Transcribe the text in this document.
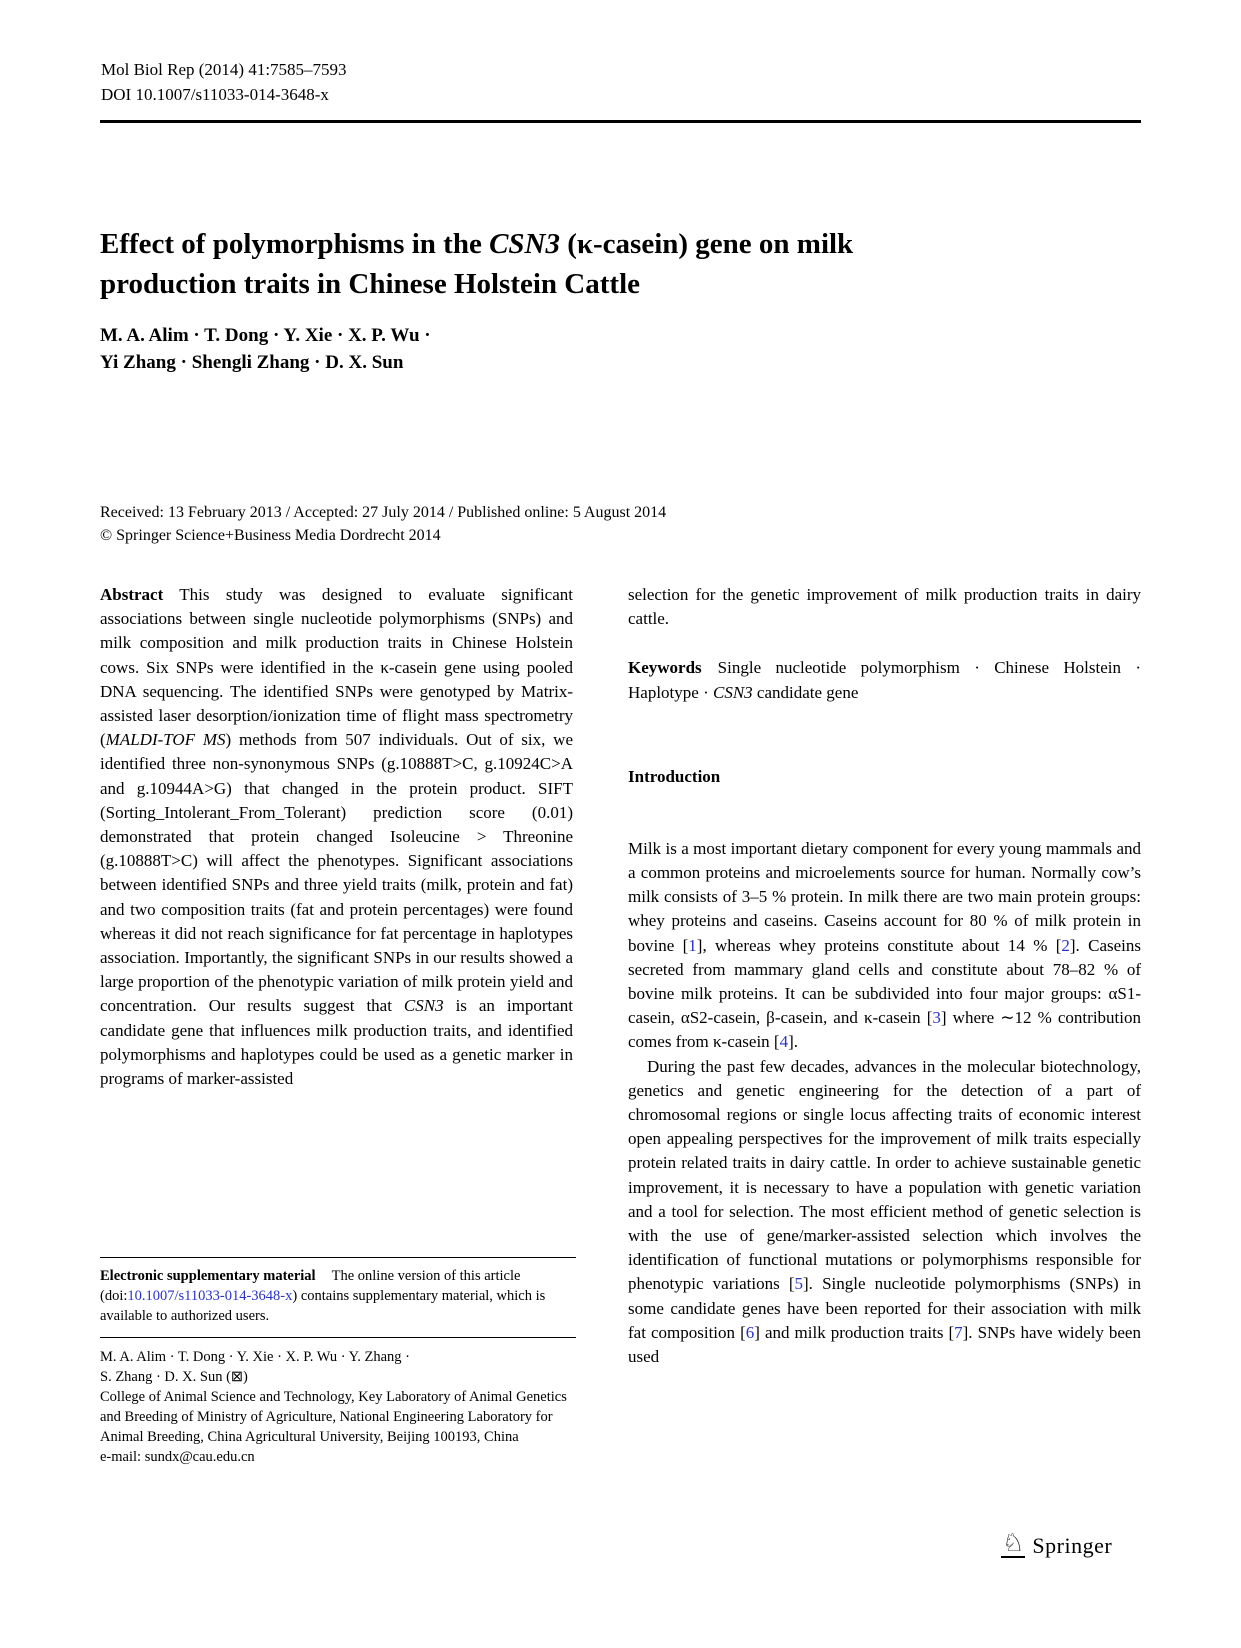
Mol Biol Rep (2014) 41:7585–7593
DOI 10.1007/s11033-014-3648-x
Effect of polymorphisms in the CSN3 (κ-casein) gene on milk
production traits in Chinese Holstein Cattle
M. A. Alim · T. Dong · Y. Xie · X. P. Wu ·
Yi Zhang · Shengli Zhang · D. X. Sun
Received: 13 February 2013 / Accepted: 27 July 2014 / Published online: 5 August 2014
© Springer Science+Business Media Dordrecht 2014

Abstract This study was designed to evaluate significant associations between single nucleotide polymorphisms (SNPs) and milk composition and milk production traits in Chinese Holstein cows. Six SNPs were identified in the κ-casein gene using pooled DNA sequencing. The identified SNPs were genotyped by Matrix-assisted laser desorption/ionization time of flight mass spectrometry (MALDI-TOF MS) methods from 507 individuals. Out of six, we identified three non-synonymous SNPs (g.10888T>C, g.10924C>A and g.10944A>G) that changed in the protein product. SIFT (Sorting_Intolerant_From_Tolerant) prediction score (0.01) demonstrated that protein changed Isoleucine > Threonine (g.10888T>C) will affect the phenotypes. Significant associations between identified SNPs and three yield traits (milk, protein and fat) and two composition traits (fat and protein percentages) were found whereas it did not reach significance for fat percentage in haplotypes association. Importantly, the significant SNPs in our results showed a large proportion of the phenotypic variation of milk protein yield and concentration. Our results suggest that CSN3 is an important candidate gene that influences milk production traits, and identified polymorphisms and haplotypes could be used as a genetic marker in programs of marker-assisted

selection for the genetic improvement of milk production traits in dairy cattle.

Keywords Single nucleotide polymorphism · Chinese Holstein · Haplotype · CSN3 candidate gene

Introduction

Milk is a most important dietary component for every young mammals and a common proteins and microelements source for human. Normally cow’s milk consists of 3–5 % protein. In milk there are two main protein groups: whey proteins and caseins. Caseins account for 80 % of milk protein in bovine [1], whereas whey proteins constitute about 14 % [2]. Caseins secreted from mammary gland cells and constitute about 78–82 % of bovine milk proteins. It can be subdivided into four major groups: αS1-casein, αS2-casein, β-casein, and κ-casein [3] where ∼12 % contribution comes from κ-casein [4].

During the past few decades, advances in the molecular biotechnology, genetics and genetic engineering for the detection of a part of chromosomal regions or single locus affecting traits of economic interest open appealing perspectives for the improvement of milk traits especially protein related traits in dairy cattle. In order to achieve sustainable genetic improvement, it is necessary to have a population with genetic variation and a tool for selection. The most efficient method of genetic selection is with the use of gene/marker-assisted selection which involves the identification of functional mutations or polymorphisms responsible for phenotypic variations [5]. Single nucleotide polymorphisms (SNPs) in some candidate genes have been reported for their association with milk fat composition [6] and milk production traits [7]. SNPs have widely been used

Electronic supplementary material The online version of this article (doi:10.1007/s11033-014-3648-x) contains supplementary material, which is available to authorized users.

M. A. Alim · T. Dong · Y. Xie · X. P. Wu · Y. Zhang ·
S. Zhang · D. X. Sun (⊠)
College of Animal Science and Technology, Key Laboratory of Animal Genetics and Breeding of Ministry of Agriculture, National Engineering Laboratory for Animal Breeding, China Agricultural University, Beijing 100193, China
e-mail: sundx@cau.edu.cn

♘ Springer
